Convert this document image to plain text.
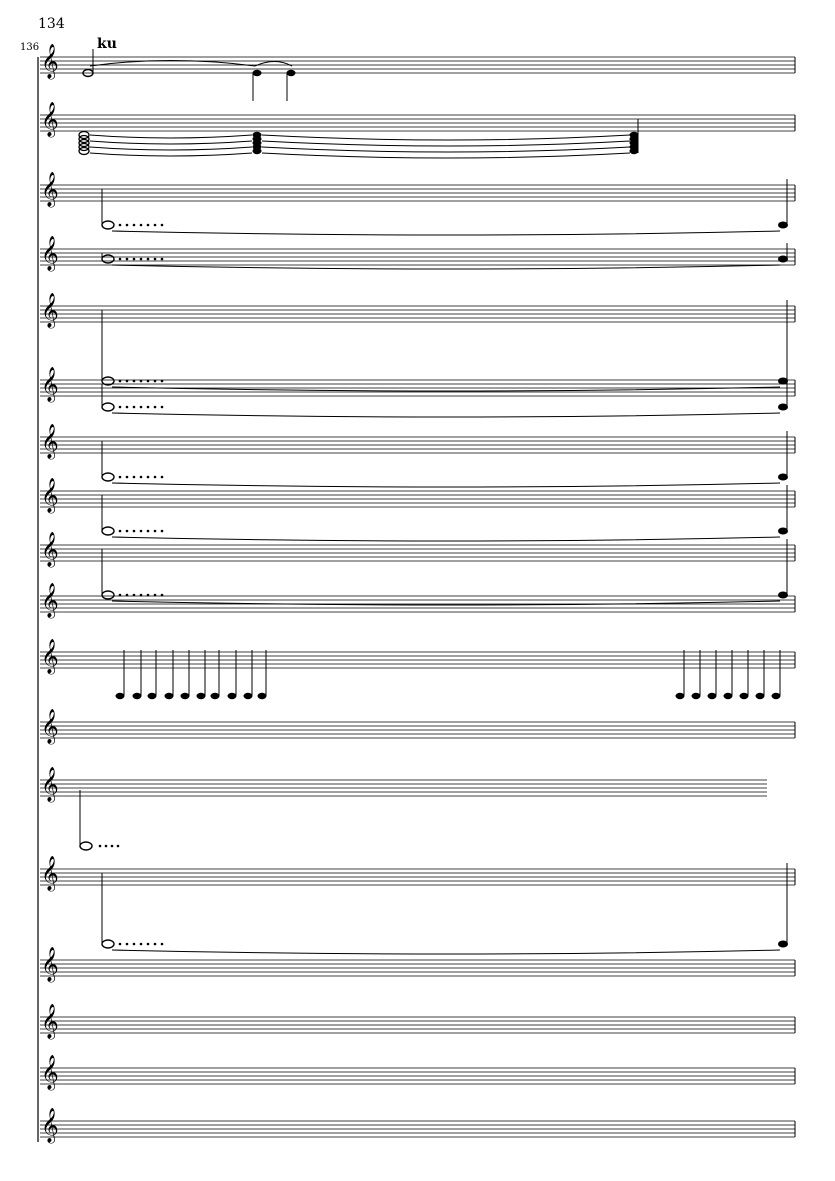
134
136	ku
𝄞
𝄞
𝄞
𝄞
𝄞
𝄞
𝄞
𝄞
𝄞
𝄞
𝄞
𝄞
𝄞
𝄞
𝄞
𝄞
𝄞
𝄞
